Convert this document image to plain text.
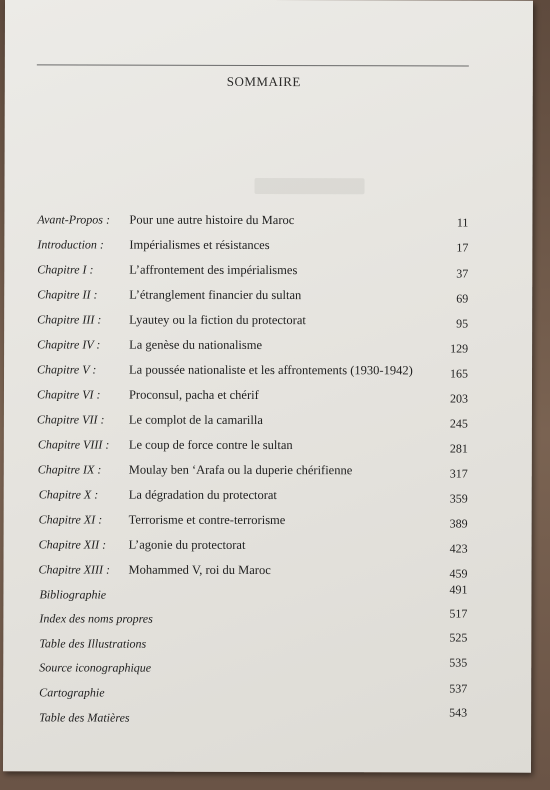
SOMMAIRE
Avant-Propos : Pour une autre histoire du Maroc	11
Introduction : Impérialismes et résistances	17
Chapitre I :	L’affrontement des impérialismes	37
Chapitre II :	L’étranglement financier du sultan	69
Chapitre III : Lyautey ou la fiction du protectorat	95
Chapitre IV : La genèse du nationalisme	129
Chapitre V :	La poussée nationaliste et les affrontements (1930-1942)	165
Chapitre VI : Proconsul, pacha et chérif	203
Chapitre VII : Le complot de la camarilla	245
Chapitre VIII : Le coup de force contre le sultan	281
Chapitre IX : Moulay ben ‘Arafa ou la duperie chérifienne	317
Chapitre X : La dégradation du protectorat	359
Chapitre XI : Terrorisme et contre-terrorisme	389
Chapitre XII : L’agonie du protectorat	423
Chapitre XIII : Mohammed V, roi du Maroc	459
Bibliographie	491
Index des noms propres	517
Table des Illustrations	525
Source iconographique	535
Cartographie	537
Table des Matières	543
